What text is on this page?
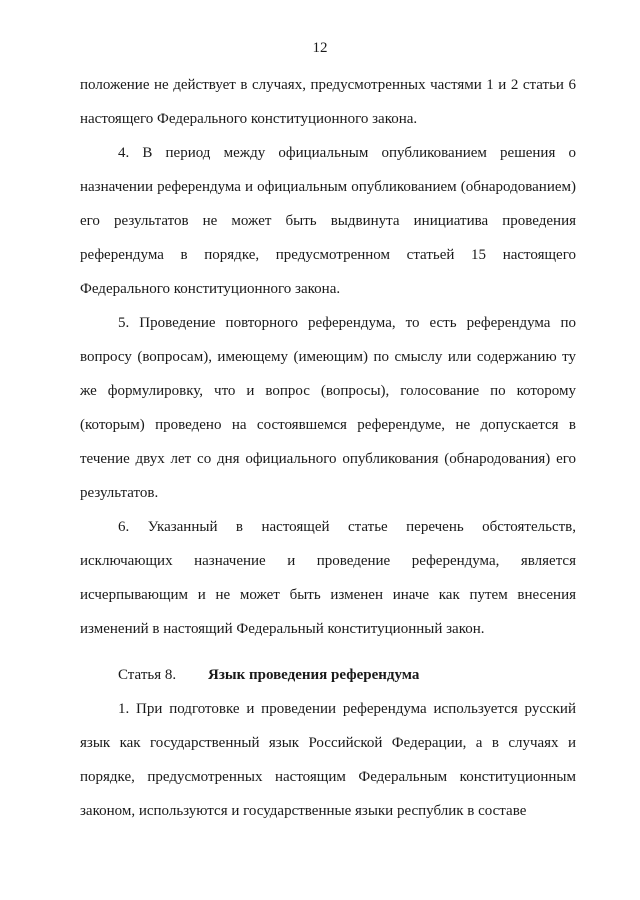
12

положение не действует в случаях, предусмотренных частями 1 и 2 статьи 6 настоящего Федерального конституционного закона.

4. В период между официальным опубликованием решения о назначении референдума и официальным опубликованием (обнародованием) его результатов не может быть выдвинута инициатива проведения референдума в порядке, предусмотренном статьей 15 настоящего Федерального конституционного закона.

5. Проведение повторного референдума, то есть референдума по вопросу (вопросам), имеющему (имеющим) по смыслу или содержанию ту же формулировку, что и вопрос (вопросы), голосование по которому (которым) проведено на состоявшемся референдуме, не допускается в течение двух лет со дня официального опубликования (обнародования) его результатов.

6. Указанный в настоящей статье перечень обстоятельств, исключающих назначение и проведение референдума, является исчерпывающим и не может быть изменен иначе как путем внесения изменений в настоящий Федеральный конституционный закон.

Статья 8. Язык проведения референдума

1. При подготовке и проведении референдума используется русский язык как государственный язык Российской Федерации, а в случаях и порядке, предусмотренных настоящим Федеральным конституционным законом, используются и государственные языки республик в составе
